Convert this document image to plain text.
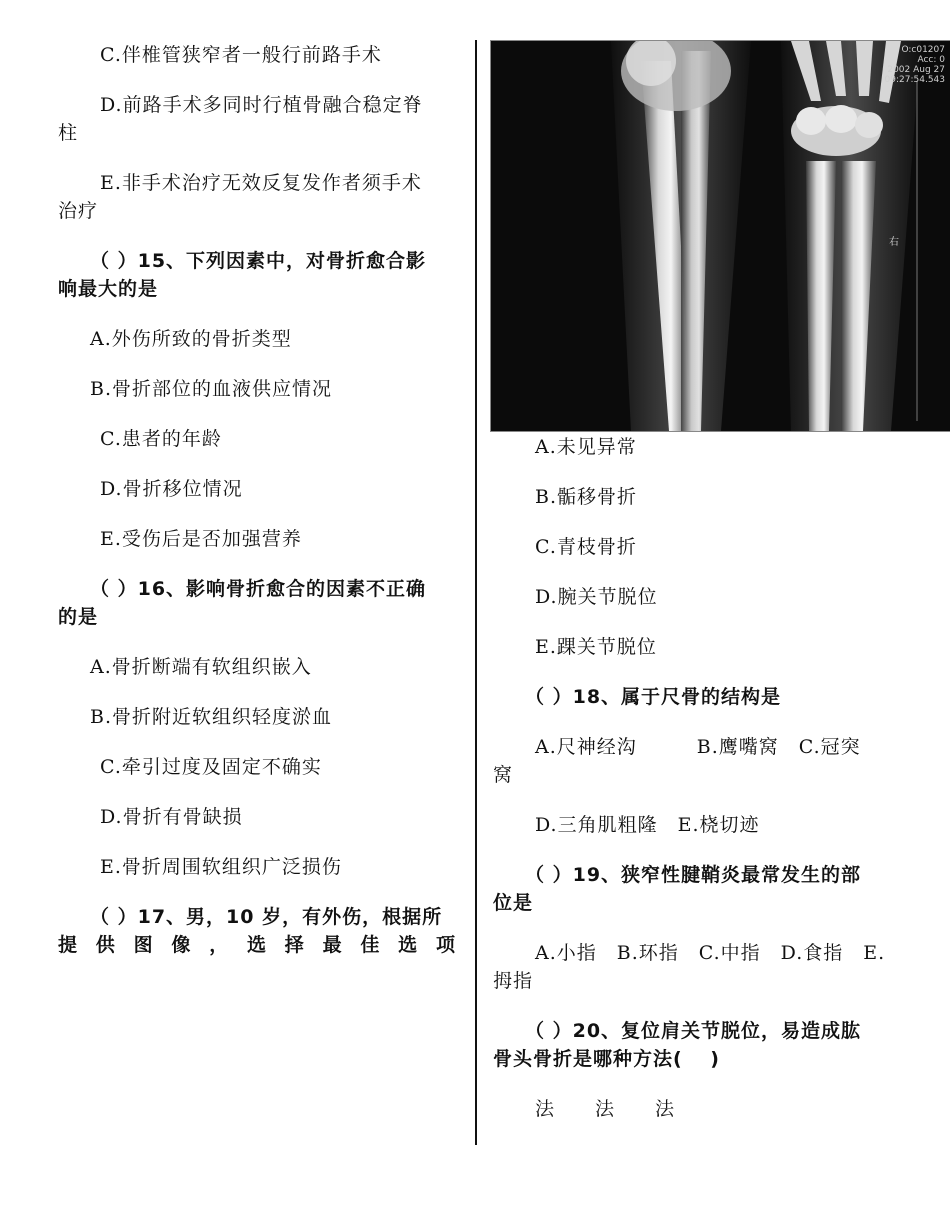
C.伴椎管狭窄者一般行前路手术
D.前路手术多同时行植骨融合稳定脊
柱
E.非手术治疗无效反复发作者须手术
治疗
（ ）15、下列因素中，对骨折愈合影
响最大的是
A.外伤所致的骨折类型
B.骨折部位的血液供应情况
C.患者的年龄
D.骨折移位情况
E.受伤后是否加强营养
（ ）16、影响骨折愈合的因素不正确
的是
A.骨折断端有软组织嵌入
B.骨折附近软组织轻度淤血
C.牵引过度及固定不确实
D.骨折有骨缺损
E.骨折周围软组织广泛损伤
（ ）17、男，10 岁，有外伤，根据所
提 供 图 像 ， 选 择 最 佳 选 项
O:c01207
Acc: 0
2002 Aug 27
09:27:54.543
右
A.未见异常
B.骺移骨折
C.青枝骨折
D.腕关节脱位
E.踝关节脱位
（ ）18、属于尺骨的结构是
A.尺神经沟　　　B.鹰嘴窝　C.冠突
窝
D.三角肌粗隆　E.桡切迹
（ ）19、狭窄性腱鞘炎最常发生的部
位是
A.小指　B.环指　C.中指　D.食指　E.
拇指
（ ）20、复位肩关节脱位，易造成肱
骨头骨折是哪种方法(　 )
法　　法　　法
